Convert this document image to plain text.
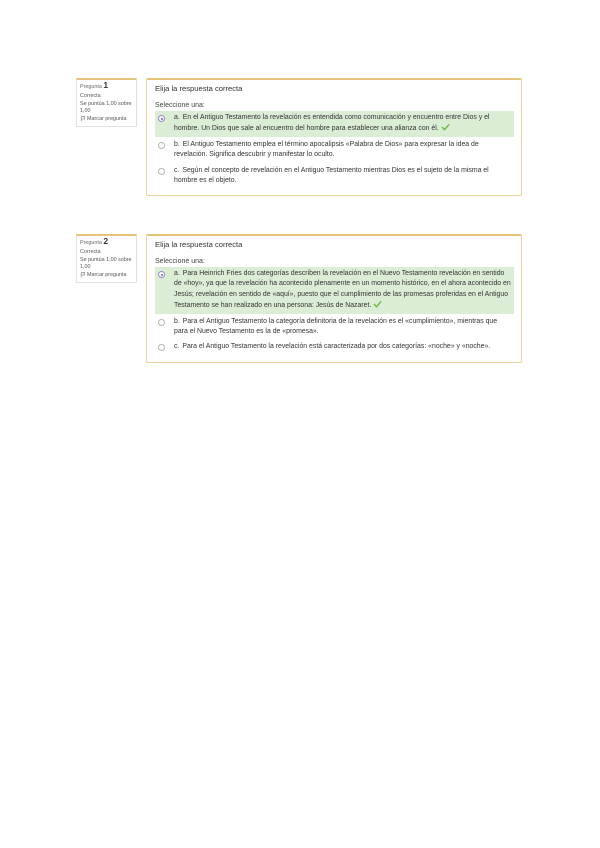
Pregunta 1
Correcta
Se puntúa 1,00 sobre 1,00
Marcar pregunta
Elija la respuesta correcta
Seleccione una:
a. En el Antiguo Testamento la revelación es entendida como comunicación y encuentro entre Dios y el hombre. Un Dios que sale al encuentro del hombre para establecer una alianza con él.
b. El Antiguo Testamento emplea el término apocalipsis «Palabra de Dios» para expresar la idea de revelación. Significa descubrir y manifestar lo oculto.
c. Según el concepto de revelación en el Antiguo Testamento mientras Dios es el sujeto de la misma el hombre es el objeto.
Pregunta 2
Correcta
Se puntúa 1,00 sobre 1,00
Marcar pregunta
Elija la respuesta correcta
Seleccione una:
a. Para Heinrich Fries dos categorías describen la revelación en el Nuevo Testamento revelación en sentido de «hoy», ya que la revelación ha acontecido plenamente en un momento histórico, en el ahora acontecido en Jesús; revelación en sentido de «aquí», puesto que el cumplimiento de las promesas proferidas en el Antiguo Testamento se han realizado en una persona: Jesús de Nazaret.
b. Para el Antiguo Testamento la categoría definitoria de la revelación es el «cumplimiento», mientras que para el Nuevo Testamento es la de «promesa».
c. Para el Antiguo Testamento la revelación está caracterizada por dos categorías: «noche» y «noche».
